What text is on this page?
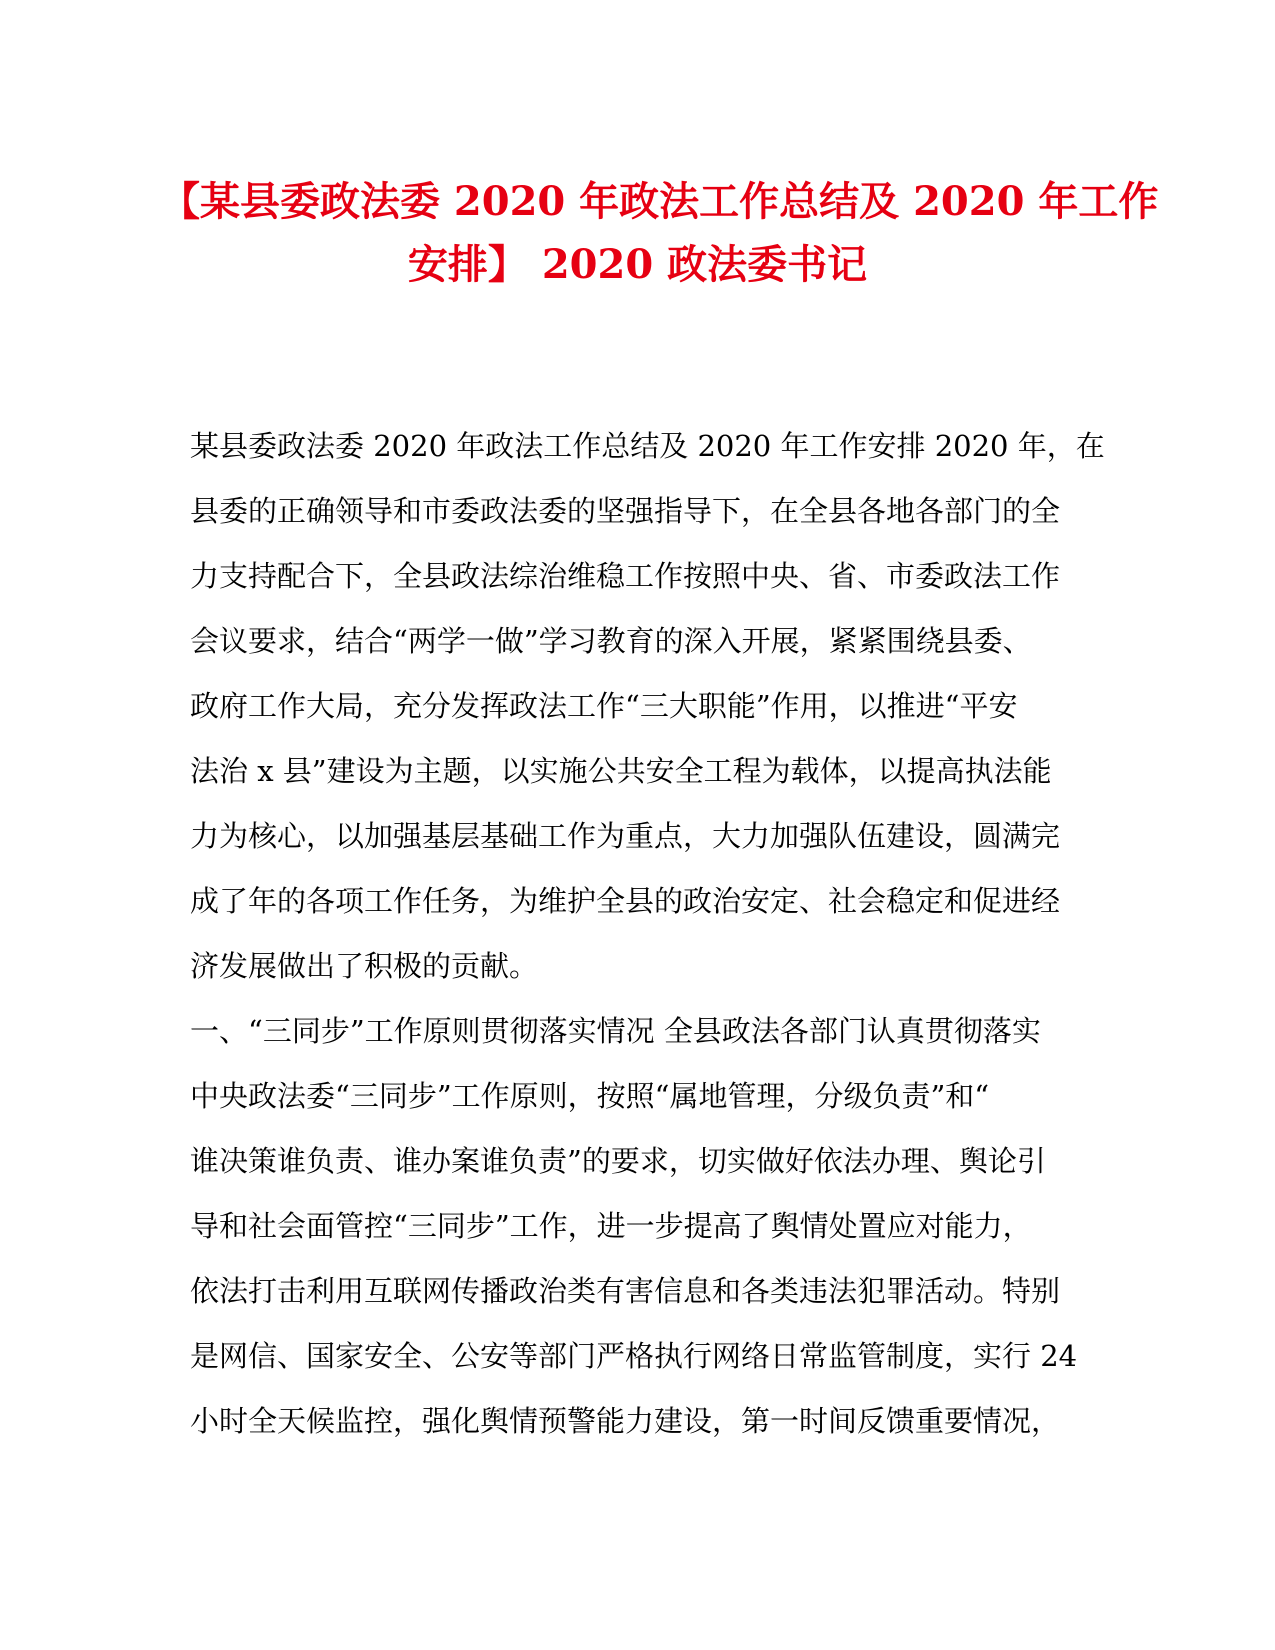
【某县委政法委 2020 年政法工作总结及 2020 年工作
安排】 2020 政法委书记
某县委政法委 2020 年政法工作总结及 2020 年工作安排 2020 年，在
县委的正确领导和市委政法委的坚强指导下，在全县各地各部门的全
力支持配合下，全县政法综治维稳工作按照中央、省、市委政法工作
会议要求，结合“两学一做”学习教育的深入开展，紧紧围绕县委、
政府工作大局，充分发挥政法工作“三大职能”作用，以推进“平安
法治 x 县”建设为主题，以实施公共安全工程为载体，以提高执法能
力为核心，以加强基层基础工作为重点，大力加强队伍建设，圆满完
成了年的各项工作任务，为维护全县的政治安定、社会稳定和促进经
济发展做出了积极的贡献。
一、“三同步”工作原则贯彻落实情况 全县政法各部门认真贯彻落实
中央政法委“三同步”工作原则，按照“属地管理，分级负责”和“
谁决策谁负责、谁办案谁负责”的要求，切实做好依法办理、舆论引
导和社会面管控“三同步”工作，进一步提高了舆情处置应对能力，
依法打击利用互联网传播政治类有害信息和各类违法犯罪活动。特别
是网信、国家安全、公安等部门严格执行网络日常监管制度，实行 24
小时全天候监控，强化舆情预警能力建设，第一时间反馈重要情况，
